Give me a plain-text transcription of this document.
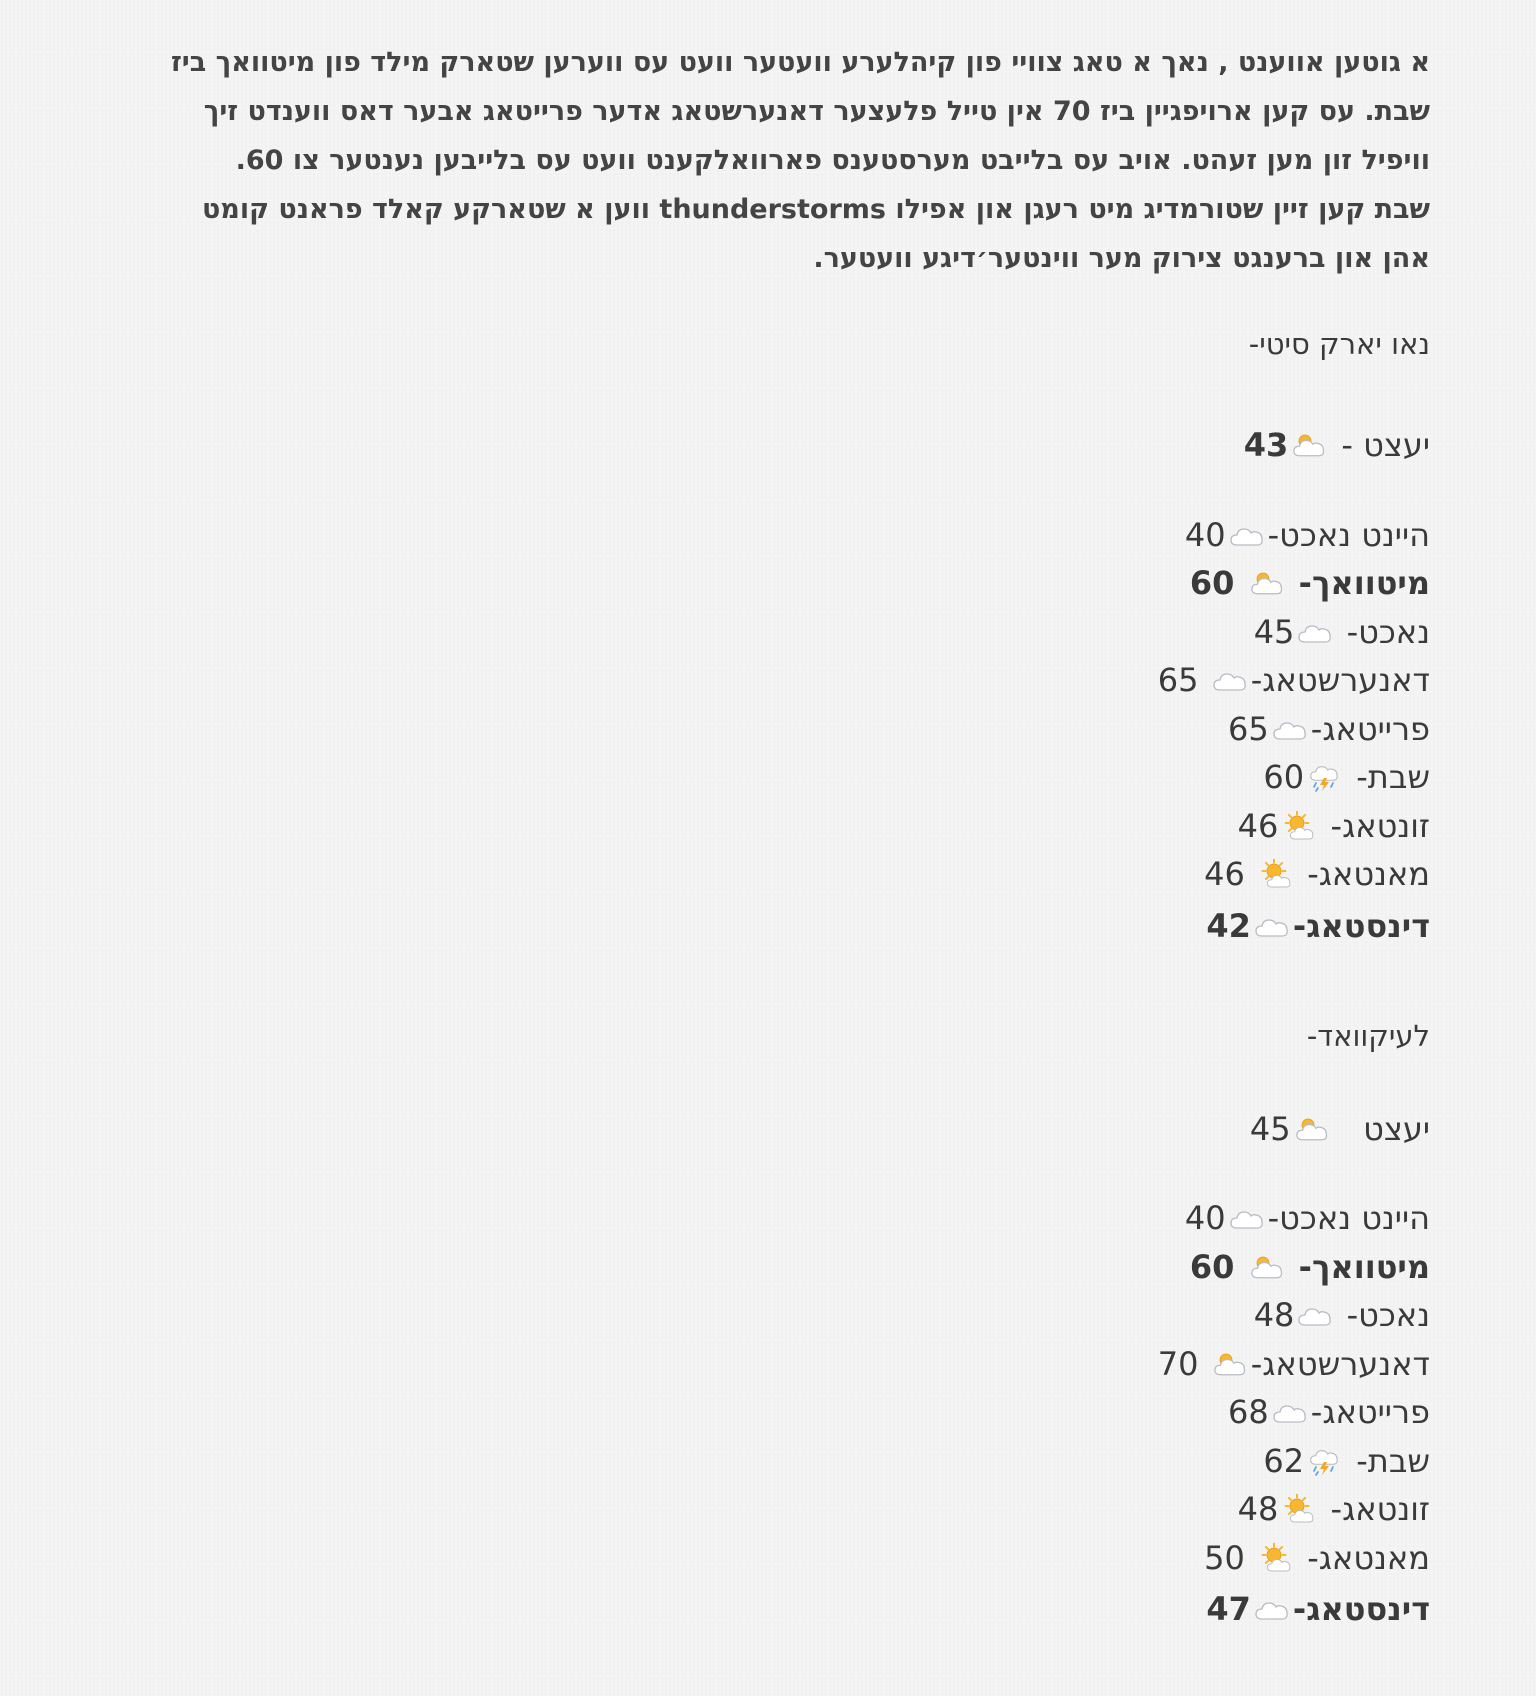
א גוטען אווענט , נאך א טאג צוויי פון קיהלערע וועטער וועט עס ווערען שטארק מילד פון מיטוואך ביז
שבת. עס קען ארויפגיין ביז 70 אין טייל פלעצער דאנערשטאג אדער פרייטאג אבער דאס ווענדט זיך
וויפיל זון מען זעהט. אויב עס בלייבט מערסטענס פארוואלקענט וועט עס בלייבען נענטער צו 60.
שבת קען זיין שטורמדיג מיט רעגן און אפילו thunderstorms ווען א שטארקע קאלד פראנט קומט
אהן און ברענגט צירוק מער ווינטער׳דיגע וועטער.
נאו יארק סיטי-
יעצט -
43
היינט נאכט-
40
מיטוואך-
60
נאכט-
45
דאנערשטאג-
65
פרייטאג-
65
שבת-
60
זונטאג-
46
מאנטאג-
46
דינסטאג-
42
לעיקוואד-
יעצט
45
היינט נאכט-
40
מיטוואך-
60
נאכט-
48
דאנערשטאג-
70
פרייטאג-
68
שבת-
62
זונטאג-
48
מאנטאג-
50
דינסטאג-
47
